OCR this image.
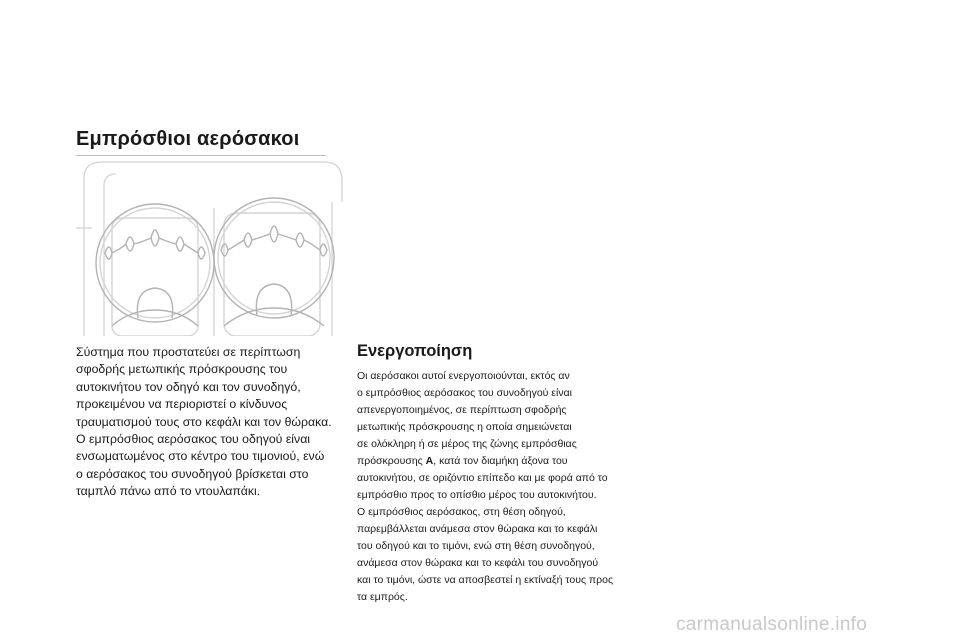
Εμπρόσθιοι αερόσακοι
Σύστημα που προστατεύει σε περίπτωση
σφοδρής μετωπικής πρόσκρουσης του
αυτοκινήτου τον οδηγό και τον συνοδηγό,
προκειμένου να περιοριστεί ο κίνδυνος
τραυματισμού τους στο κεφάλι και τον θώρακα.
Ο εμπρόσθιος αερόσακος του οδηγού είναι
ενσωματωμένος στο κέντρο του τιμονιού, ενώ
ο αερόσακος του συνοδηγού βρίσκεται στο
ταμπλό πάνω από το ντουλαπάκι.
Ενεργοποίηση
Οι αερόσακοι αυτοί ενεργοποιούνται, εκτός αν
ο εμπρόσθιος αερόσακος του συνοδηγού είναι
απενεργοποιημένος, σε περίπτωση σφοδρής
μετωπικής πρόσκρουσης η οποία σημειώνεται
σε ολόκληρη ή σε μέρος της ζώνης εμπρόσθιας
πρόσκρουσης A, κατά τον διαμήκη άξονα του
αυτοκινήτου, σε οριζόντιο επίπεδο και με φορά από το
εμπρόσθιο προς το οπίσθιο μέρος του αυτοκινήτου.
Ο εμπρόσθιος αερόσακος, στη θέση οδηγού,
παρεμβάλλεται ανάμεσα στον θώρακα και το κεφάλι
του οδηγού και το τιμόνι, ενώ στη θέση συνοδηγού,
ανάμεσα στον θώρακα και το κεφάλι του συνοδηγού
και το τιμόνι, ώστε να αποσβεστεί η εκτίναξή τους προς
τα εμπρός.
carmanualsonline.info
